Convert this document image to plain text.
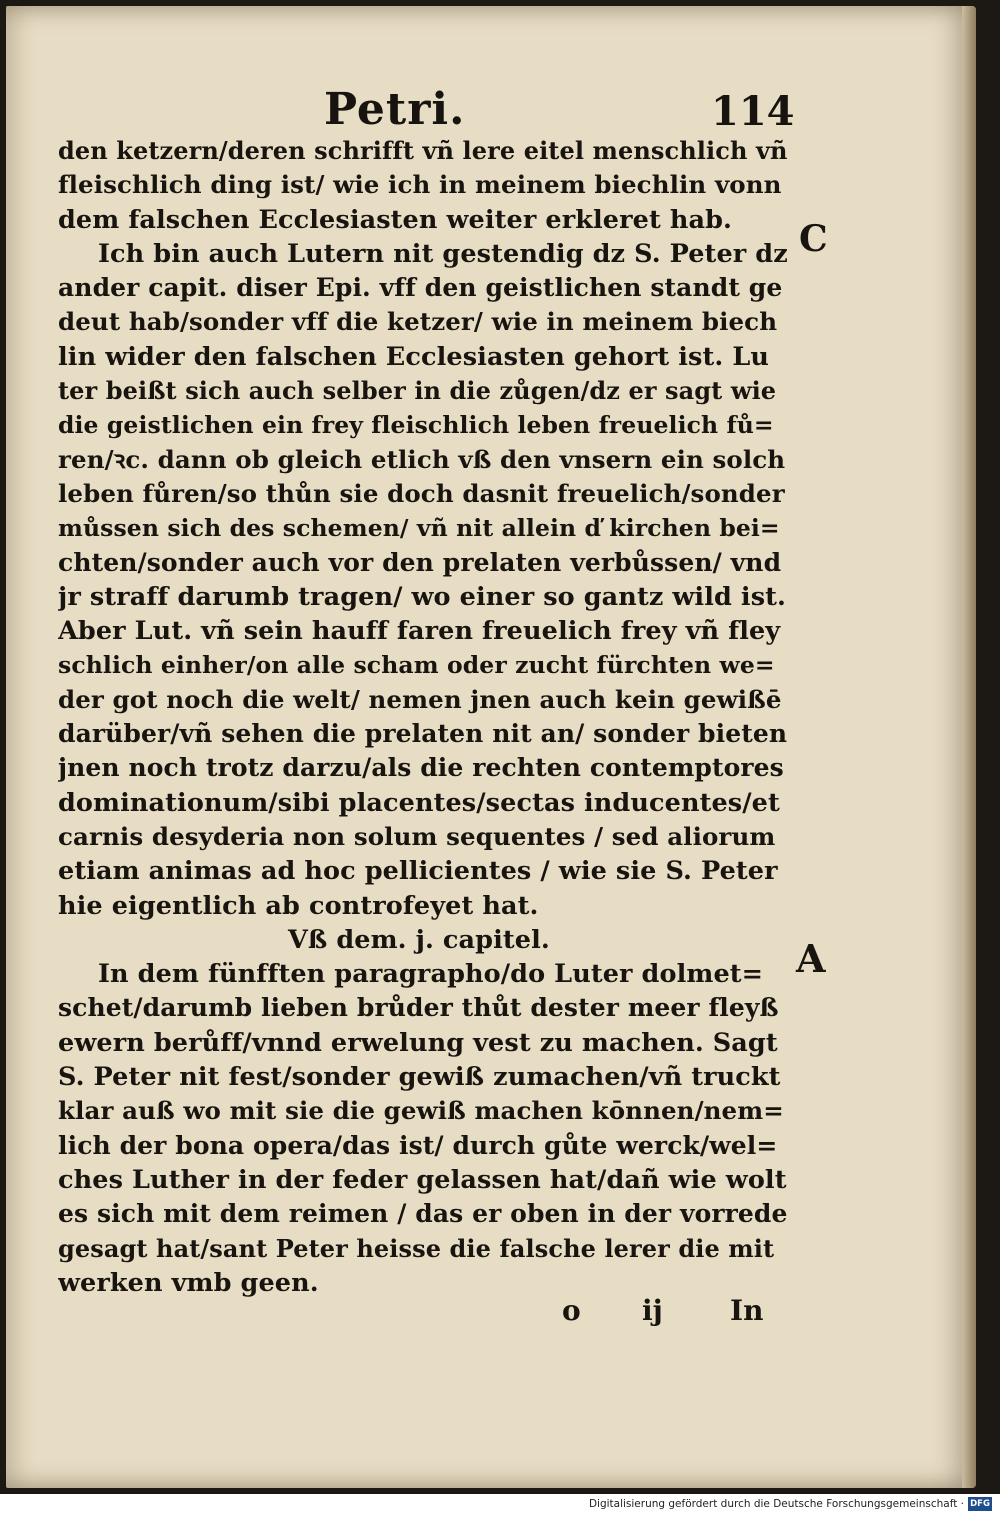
Petri.	114
den ketzern/deren schrifft vñ lere eitel menschlich vñ
fleischlich ding ist/ wie ich in meinem biechlin vonn
dem falschen Ecclesiasten weiter erkleret hab.
Ich bin auch Lutern nit gestendig dz S. Peter dz
ander capit. diser Epi. vff den geistlichen standt ge
deut hab/sonder vff die ketzer/ wie in meinem biech
lin wider den falschen Ecclesiasten gehort ist. Lu
ter beißt sich auch selber in die zůgen/dz er sagt wie
die geistlichen ein frey fleischlich leben freuelich fů=
ren/ꝛc. dann ob gleich etlich vß den vnsern ein solch
leben fůren/so thůn sie doch dasnit freuelich/sonder
můssen sich des schemen/ vñ nit allein ď kirchen bei=
chten/sonder auch vor den prelaten verbůssen/ vnd
jr straff darumb tragen/ wo einer so gantz wild ist.
Aber Lut. vñ sein hauff faren freuelich frey vñ fley
schlich einher/on alle scham oder zucht fürchten we=
der got noch die welt/ nemen jnen auch kein gewißē
darüber/vñ sehen die prelaten nit an/ sonder bieten
jnen noch trotz darzu/als die rechten contemptores
dominationum/sibi placentes/sectas inducentes/et
carnis desyderia non solum sequentes / sed aliorum
etiam animas ad hoc pellicientes / wie sie S. Peter
hie eigentlich ab controfeyet hat.
Vß dem. j. capitel.
In dem fünfften paragrapho/do Luter dolmet=
schet/darumb lieben brůder thůt dester meer fleyß
ewern berůff/vnnd erwelung vest zu machen. Sagt
S. Peter nit fest/sonder gewiß zumachen/vñ truckt
klar auß wo mit sie die gewiß machen kōnnen/nem=
lich der bona opera/das ist/ durch gůte werck/wel=
ches Luther in der feder gelassen hat/dañ wie wolt
es sich mit dem reimen / das er oben in der vorrede
gesagt hat/sant Peter heisse die falsche lerer die mit
werken vmb geen.
C
A
o ij In
Digitalisierung gefördert durch die Deutsche Forschungsgemeinschaft · DFG
